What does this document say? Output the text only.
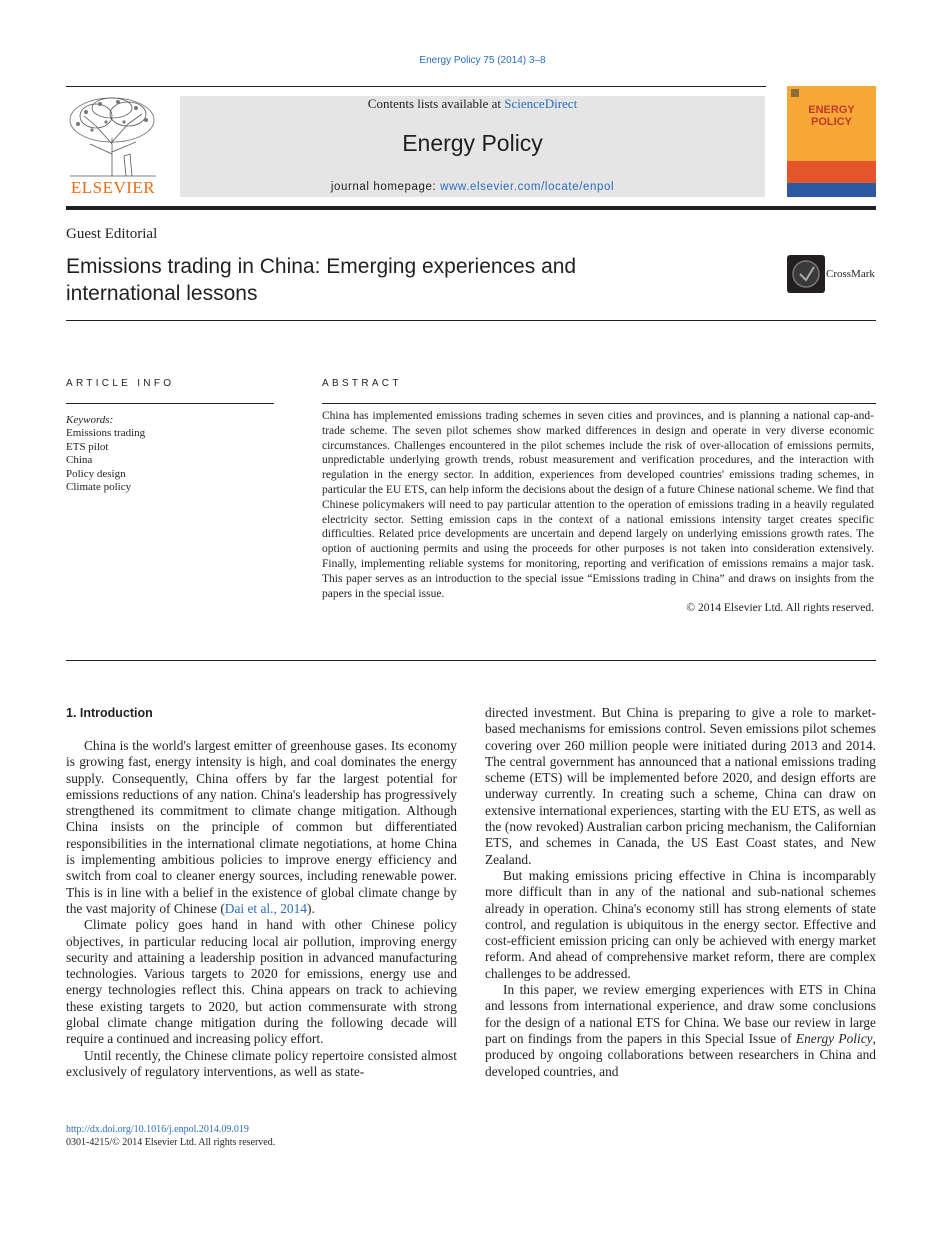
Energy Policy 75 (2014) 3–8
ELSEVIER
Contents lists available at ScienceDirect
Energy Policy
journal homepage: www.elsevier.com/locate/enpol
ENERGY
POLICY
Guest Editorial
Emissions trading in China: Emerging experiences and
international lessons
CrossMark
ARTICLE INFO	ABSTRACT
Keywords:
Emissions trading
ETS pilot
China
Policy design
Climate policy
China has implemented emissions trading schemes in seven cities and provinces, and is planning a national cap-and-trade scheme. The seven pilot schemes show marked differences in design and operate in very diverse economic circumstances. Challenges encountered in the pilot schemes include the risk of over-allocation of emissions permits, unpredictable underlying growth trends, robust measurement and verification procedures, and the interaction with regulation in the energy sector. In addition, experiences from developed countries' emissions trading schemes, in particular the EU ETS, can help inform the decisions about the design of a future Chinese national scheme. We find that Chinese policymakers will need to pay particular attention to the operation of emissions trading in a heavily regulated electricity sector. Setting emission caps in the context of a national emissions intensity target creates specific difficulties. Related price developments are uncertain and depend largely on underlying emissions growth rates. The option of auctioning permits and using the proceeds for other purposes is not taken into consideration extensively. Finally, implementing reliable systems for monitoring, reporting and verification of emissions remains a major task. This paper serves as an introduction to the special issue “Emissions trading in China” and draws on insights from the papers in the special issue.
© 2014 Elsevier Ltd. All rights reserved.
1. Introduction

China is the world's largest emitter of greenhouse gases. Its economy is growing fast, energy intensity is high, and coal dominates the energy supply. Consequently, China offers by far the largest potential for emissions reductions of any nation. China's leadership has progressively strengthened its commitment to climate change mitigation. Although China insists on the principle of common but differentiated responsibilities in the international climate negotiations, at home China is implementing ambitious policies to improve energy efficiency and switch from coal to cleaner energy sources, including renewable power. This is in line with a belief in the existence of global climate change by the vast majority of Chinese (Dai et al., 2014).

Climate policy goes hand in hand with other Chinese policy objectives, in particular reducing local air pollution, improving energy security and attaining a leadership position in advanced manufacturing technologies. Various targets to 2020 for emissions, energy use and energy technologies reflect this. China appears on track to achieving these existing targets to 2020, but action commensurate with strong global climate change mitigation during the following decade will require a continued and increasing policy effort.

Until recently, the Chinese climate policy repertoire consisted almost exclusively of regulatory interventions, as well as state-

directed investment. But China is preparing to give a role to market-based mechanisms for emissions control. Seven emissions pilot schemes covering over 260 million people were initiated during 2013 and 2014. The central government has announced that a national emissions trading scheme (ETS) will be implemented before 2020, and design efforts are underway currently. In creating such a scheme, China can draw on extensive international experiences, starting with the EU ETS, as well as the (now revoked) Australian carbon pricing mechanism, the Californian ETS, and schemes in Canada, the US East Coast states, and New Zealand.

But making emissions pricing effective in China is incomparably more difficult than in any of the national and sub-national schemes already in operation. China's economy still has strong elements of state control, and regulation is ubiquitous in the energy sector. Effective and cost-efficient emission pricing can only be achieved with energy market reform. And ahead of comprehensive market reform, there are complex challenges to be addressed.

In this paper, we review emerging experiences with ETS in China and lessons from international experience, and draw some conclusions for the design of a national ETS for China. We base our review in large part on findings from the papers in this Special Issue of Energy Policy, produced by ongoing collaborations between researchers in China and developed countries, and

http://dx.doi.org/10.1016/j.enpol.2014.09.019
0301-4215/© 2014 Elsevier Ltd. All rights reserved.
